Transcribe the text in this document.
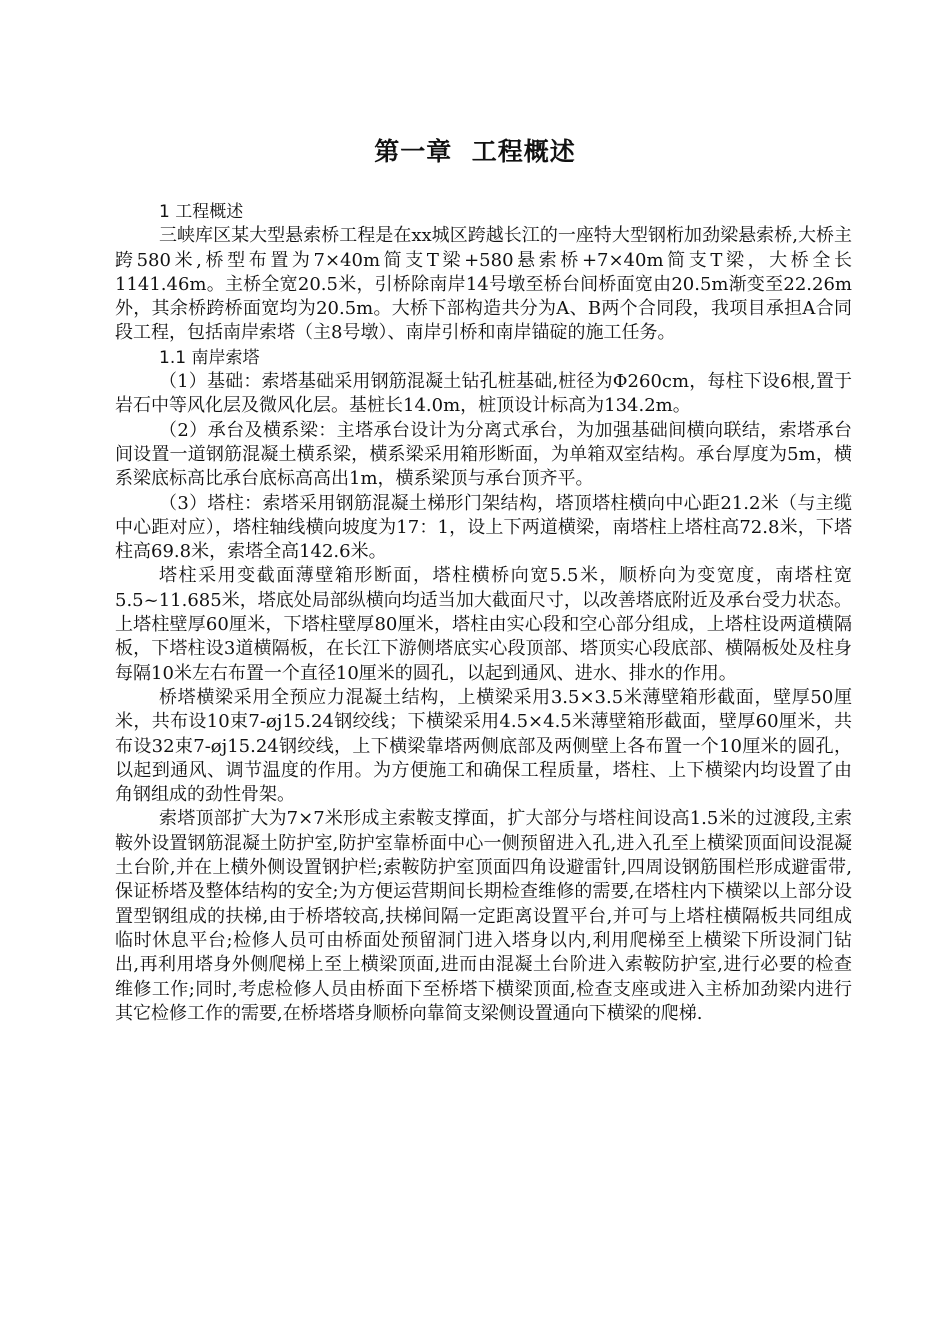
第一章  工程概述
1 工程概述

三峡库区某大型悬索桥工程是在xx城区跨越长江的一座特大型钢桁加劲梁悬索桥,大桥主跨580米,桥型布置为7×40m简支T梁+580悬索桥+7×40m简支T梁，大桥全长1141.46m。主桥全宽20.5米，引桥除南岸14号墩至桥台间桥面宽由20.5m渐变至22.26m外，其余桥跨桥面宽均为20.5m。大桥下部构造共分为A、B两个合同段，我项目承担A合同段工程，包括南岸索塔（主8号墩）、南岸引桥和南岸锚碇的施工任务。

1.1 南岸索塔

（1）基础：索塔基础采用钢筋混凝土钻孔桩基础,桩径为Φ260cm，每柱下设6根,置于岩石中等风化层及微风化层。基桩长14.0m，桩顶设计标高为134.2m。

（2）承台及横系梁：主塔承台设计为分离式承台，为加强基础间横向联结，索塔承台间设置一道钢筋混凝土横系梁，横系梁采用箱形断面，为单箱双室结构。承台厚度为5m，横系梁底标高比承台底标高高出1m，横系梁顶与承台顶齐平。

（3）塔柱：索塔采用钢筋混凝土梯形门架结构，塔顶塔柱横向中心距21.2米（与主缆中心距对应），塔柱轴线横向坡度为17：1，设上下两道横梁，南塔柱上塔柱高72.8米，下塔柱高69.8米，索塔全高142.6米。

塔柱采用变截面薄壁箱形断面，塔柱横桥向宽5.5米，顺桥向为变宽度，南塔柱宽5.5~11.685米，塔底处局部纵横向均适当加大截面尺寸，以改善塔底附近及承台受力状态。上塔柱壁厚60厘米，下塔柱壁厚80厘米，塔柱由实心段和空心部分组成，上塔柱设两道横隔板，下塔柱设3道横隔板，在长江下游侧塔底实心段顶部、塔顶实心段底部、横隔板处及柱身每隔10米左右布置一个直径10厘米的圆孔，以起到通风、进水、排水的作用。

桥塔横梁采用全预应力混凝土结构，上横梁采用3.5×3.5米薄壁箱形截面，壁厚50厘米，共布设10束7-øj15.24钢绞线；下横梁采用4.5×4.5米薄壁箱形截面，壁厚60厘米，共布设32束7-øj15.24钢绞线，上下横梁靠塔两侧底部及两侧壁上各布置一个10厘米的圆孔，以起到通风、调节温度的作用。为方便施工和确保工程质量，塔柱、上下横梁内均设置了由角钢组成的劲性骨架。

索塔顶部扩大为7×7米形成主索鞍支撑面，扩大部分与塔柱间设高1.5米的过渡段,主索鞍外设置钢筋混凝土防护室,防护室靠桥面中心一侧预留进入孔,进入孔至上横梁顶面间设混凝土台阶,并在上横外侧设置钢护栏;索鞍防护室顶面四角设避雷针,四周设钢筋围栏形成避雷带,保证桥塔及整体结构的安全;为方便运营期间长期检查维修的需要,在塔柱内下横梁以上部分设置型钢组成的扶梯,由于桥塔较高,扶梯间隔一定距离设置平台,并可与上塔柱横隔板共同组成临时休息平台;检修人员可由桥面处预留洞门进入塔身以内,利用爬梯至上横梁下所设洞门钻出,再利用塔身外侧爬梯上至上横梁顶面,进而由混凝土台阶进入索鞍防护室,进行必要的检查维修工作;同时,考虑检修人员由桥面下至桥塔下横梁顶面,检查支座或进入主桥加劲梁内进行其它检修工作的需要,在桥塔塔身顺桥向靠简支梁侧设置通向下横梁的爬梯.
